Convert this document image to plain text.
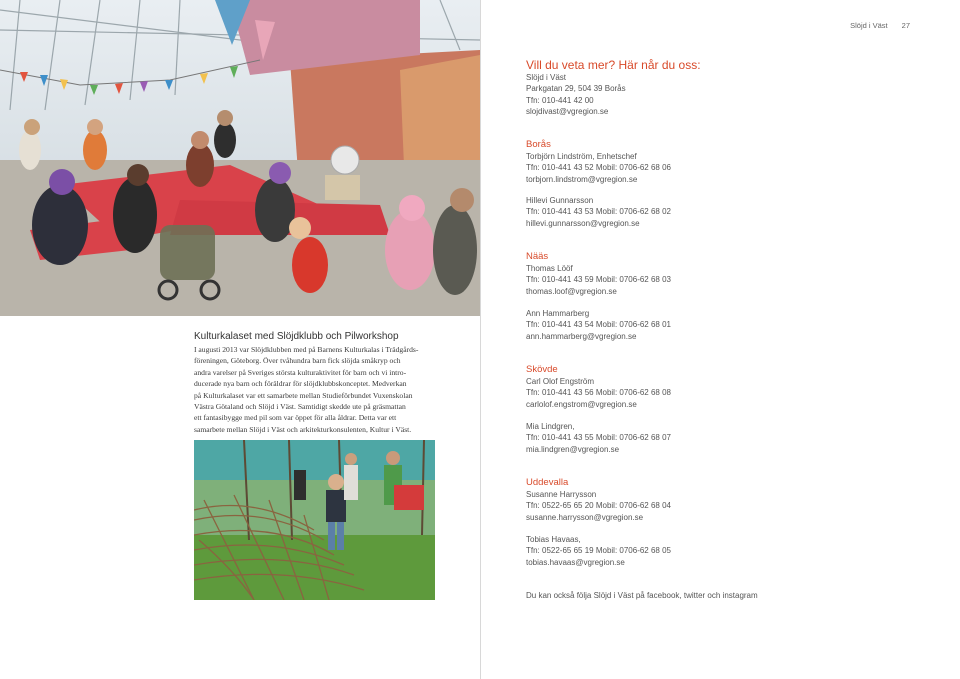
Kulturkalaset med Slöjdklubb och Pilworkshop
I augusti 2013 var Slöjdklubben med på Barnens Kulturkalas i Trädgårds-
föreningen, Göteborg. Över tvåhundra barn fick slöjda småkryp och
andra varelser på Sveriges största kulturaktivitet för barn och vi intro-
ducerade nya barn och föräldrar för slöjdklubbskonceptet. Medverkan
på Kulturkalaset var ett samarbete mellan Studieförbundet Vuxenskolan
Västra Götaland och Slöjd i Väst. Samtidigt skedde ute på gräsmattan
ett fantasibygge med pil som var öppet för alla åldrar. Detta var ett
samarbete mellan Slöjd i Väst och arkitekturkonsulenten, Kultur i Väst.
Slöjd i Väst 27
Vill du veta mer? Här når du oss:
Slöjd i Väst
Parkgatan 29, 504 39 Borås
Tfn: 010-441 42 00
slojdivast@vgregion.se
Borås
Torbjörn Lindström, Enhetschef
Tfn: 010-441 43 52 Mobil: 0706-62 68 06
torbjorn.lindstrom@vgregion.se
Hillevi Gunnarsson
Tfn: 010-441 43 53 Mobil: 0706-62 68 02
hillevi.gunnarsson@vgregion.se
Nääs
Thomas Lööf
Tfn: 010-441 43 59 Mobil: 0706-62 68 03
thomas.loof@vgregion.se
Ann Hammarberg
Tfn: 010-441 43 54 Mobil: 0706-62 68 01
ann.hammarberg@vgregion.se
Skövde
Carl Olof Engström
Tfn: 010-441 43 56 Mobil: 0706-62 68 08
carlolof.engstrom@vgregion.se
Mia Lindgren,
Tfn: 010-441 43 55 Mobil: 0706-62 68 07
mia.lindgren@vgregion.se
Uddevalla
Susanne Harrysson
Tfn: 0522-65 65 20 Mobil: 0706-62 68 04
susanne.harrysson@vgregion.se
Tobias Havaas,
Tfn: 0522-65 65 19 Mobil: 0706-62 68 05
tobias.havaas@vgregion.se
Du kan också följa Slöjd i Väst på facebook, twitter och instagram
